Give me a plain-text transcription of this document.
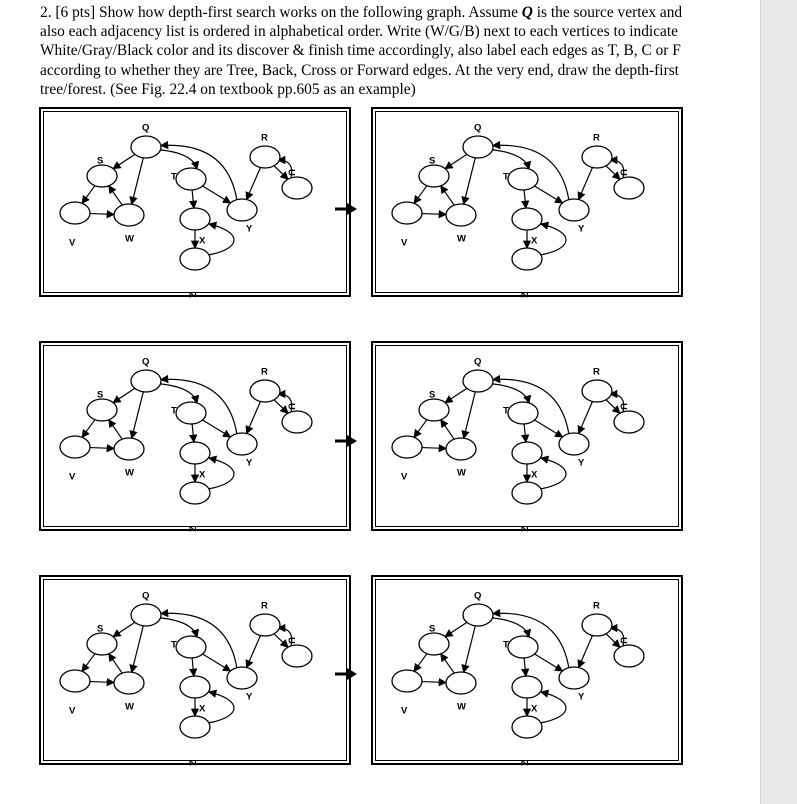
2. [6 pts] Show how depth-first search works on the following graph. Assume Q is the source vertex and also each adjacency list is ordered in alphabetical order. Write (W/G/B) next to each vertices to indicate White/Gray/Black color and its discover & finish time accordingly, also label each edges as T, B, C or F according to whether they are Tree, Back, Cross or Forward edges. At the very end, draw the depth-first tree/forest. (See Fig. 22.4 on textbook pp.605 as an example)
Q
R
S
T	U
V	W	X
Y
Z
Q
R
S
T	U
V	W	X
Y
Z
Q
R
S
T	U
V	W	X
Y
Z
Q
R
S
T	U
V	W	X
Y
Z
Q
R
S
T	U
V	W	X
Y
Z
Q
R
S
T	U
V	W	X
Y
Z
